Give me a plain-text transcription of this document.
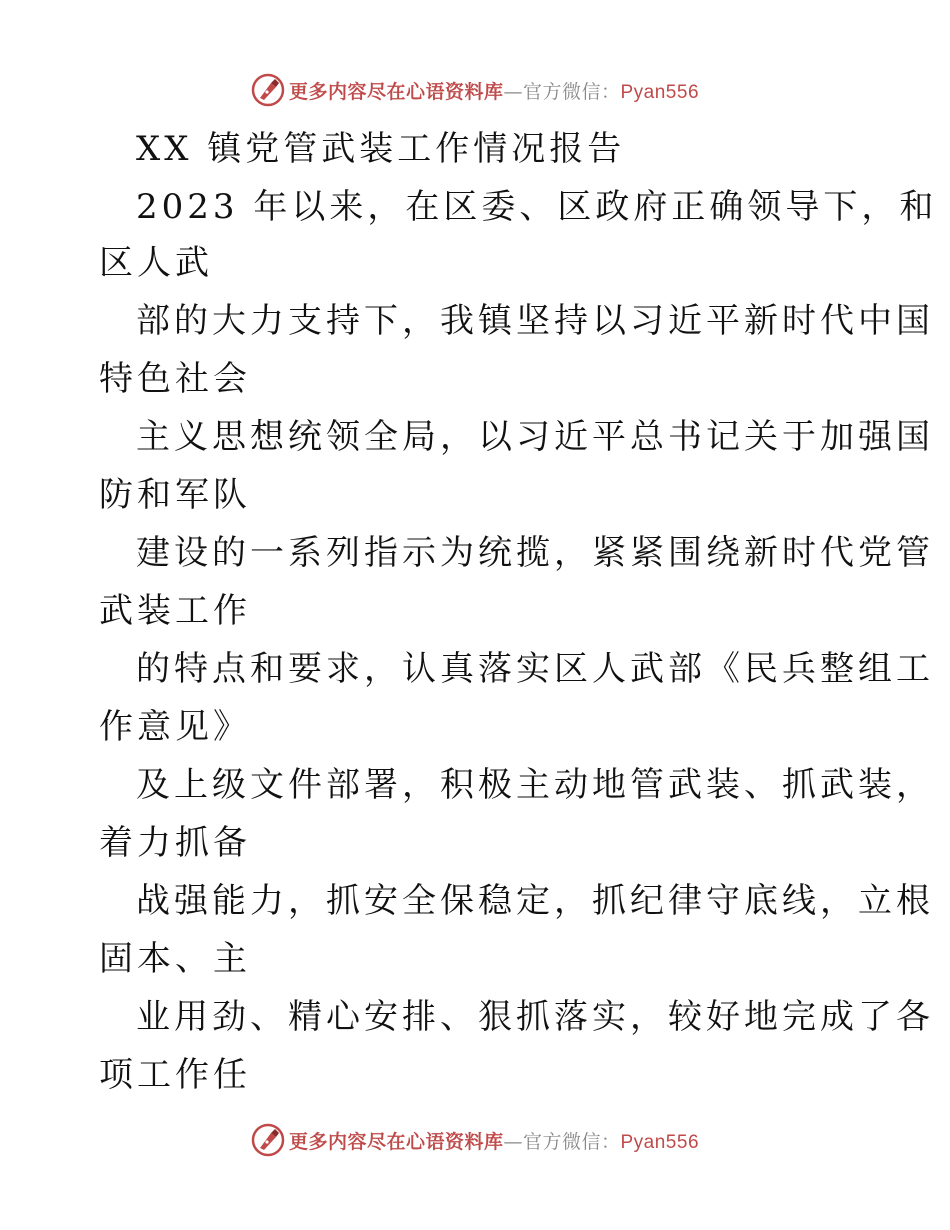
更多内容尽在心语资料库 — 官方微信： Pyan556
XX 镇党管武装工作情况报告
2023 年以来，在区委、区政府正确领导下，和
区人武
部的大力支持下，我镇坚持以习近平新时代中国
特色社会
主义思想统领全局，以习近平总书记关于加强国
防和军队
建设的一系列指示为统揽，紧紧围绕新时代党管
武装工作
的特点和要求，认真落实区人武部《民兵整组工
作意见》
及上级文件部署，积极主动地管武装、抓武装，
着力抓备
战强能力，抓安全保稳定，抓纪律守底线，立根
固本、主
业用劲、精心安排、狠抓落实，较好地完成了各
项工作任
更多内容尽在心语资料库 — 官方微信： Pyan556
